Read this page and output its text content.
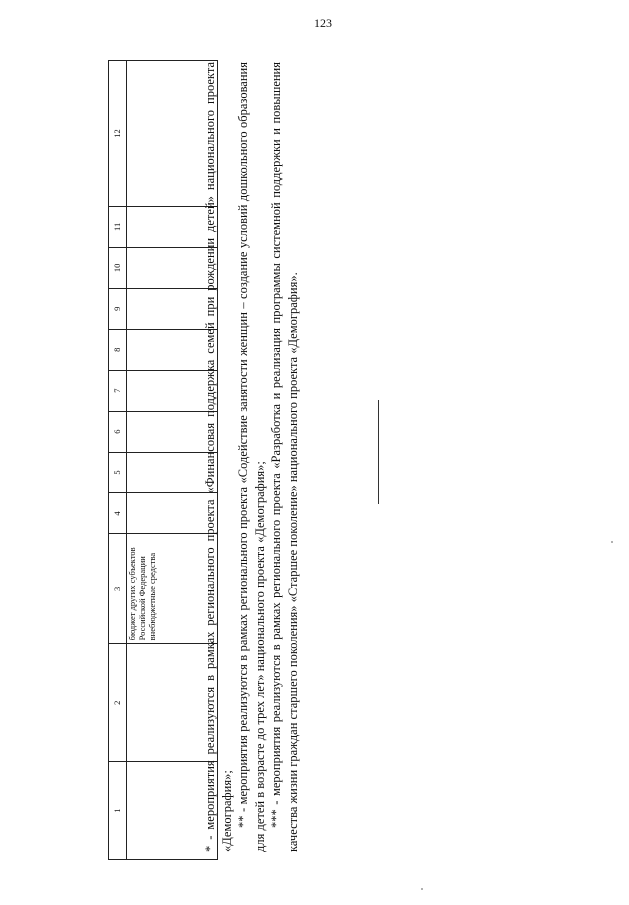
123
1	2	3	4	5	6	7	8	9	10	11	12

		бюджет других субъектов Российской Федерации внебюджетные средства									
										* - мероприятия реализуются в рамках регионального проекта «Финансовая поддержка семей при рождении детей» национального проекта «Демография»; ** - мероприятия реализуются в рамках регионального проекта «Содействие занятости женщин – создание условий дошкольного образования для детей в возрасте до трех лет» национального проекта «Демография»; *** - мероприятия реализуются в рамках регионального проекта «Разработка и реализация программы системной поддержки и повышения качества жизни граждан старшего поколения» «Старшее поколение» национального проекта «Демография».
